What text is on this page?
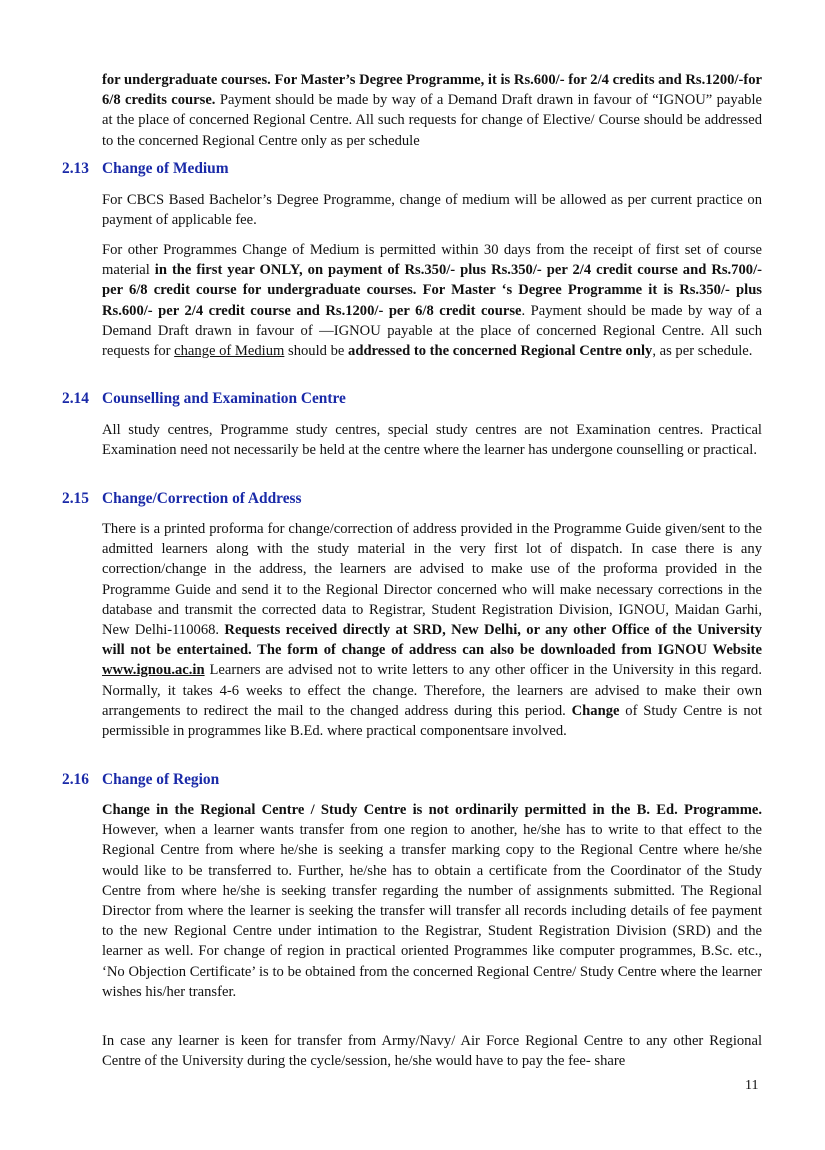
for undergraduate courses. For Master’s Degree Programme, it is Rs.600/- for 2/4 credits and Rs.1200/-for 6/8 credits course. Payment should be made by way of a Demand Draft drawn in favour of “IGNOU” payable at the place of concerned Regional Centre. All such requests for change of Elective/ Course should be addressed to the concerned Regional Centre only as per schedule
2.13 Change of Medium
For CBCS Based Bachelor’s Degree Programme, change of medium will be allowed as per current practice on payment of applicable fee.
For other Programmes Change of Medium is permitted within 30 days from the receipt of first set of course material in the first year ONLY, on payment of Rs.350/- plus Rs.350/- per 2/4 credit course and Rs.700/- per 6/8 credit course for undergraduate courses. For Master ‘s Degree Programme it is Rs.350/- plus Rs.600/- per 2/4 credit course and Rs.1200/- per 6/8 credit course. Payment should be made by way of a Demand Draft drawn in favour of —IGNOU payable at the place of concerned Regional Centre. All such requests for change of Medium should be addressed to the concerned Regional Centre only, as per schedule.
2.14 Counselling and Examination Centre
All study centres, Programme study centres, special study centres are not Examination centres. Practical Examination need not necessarily be held at the centre where the learner has undergone counselling or practical.
2.15 Change/Correction of Address
There is a printed proforma for change/correction of address provided in the Programme Guide given/sent to the admitted learners along with the study material in the very first lot of dispatch. In case there is any correction/change in the address, the learners are advised to make use of the proforma provided in the Programme Guide and send it to the Regional Director concerned who will make necessary corrections in the database and transmit the corrected data to Registrar, Student Registration Division, IGNOU, Maidan Garhi, New Delhi-110068. Requests received directly at SRD, New Delhi, or any other Office of the University will not be entertained. The form of change of address can also be downloaded from IGNOU Website www.ignou.ac.in Learners are advised not to write letters to any other officer in the University in this regard. Normally, it takes 4-6 weeks to effect the change. Therefore, the learners are advised to make their own arrangements to redirect the mail to the changed address during this period. Change of Study Centre is not permissible in programmes like B.Ed. where practical componentsare involved.
2.16 Change of Region
Change in the Regional Centre / Study Centre is not ordinarily permitted in the B. Ed. Programme. However, when a learner wants transfer from one region to another, he/she has to write to that effect to the Regional Centre from where he/she is seeking a transfer marking copy to the Regional Centre where he/she would like to be transferred to. Further, he/she has to obtain a certificate from the Coordinator of the Study Centre from where he/she is seeking transfer regarding the number of assignments submitted. The Regional Director from where the learner is seeking the transfer will transfer all records including details of fee payment to the new Regional Centre under intimation to the Registrar, Student Registration Division (SRD) and the learner as well. For change of region in practical oriented Programmes like computer programmes, B.Sc. etc., ‘No Objection Certificate’ is to be obtained from the concerned Regional Centre/ Study Centre where the learner wishes his/her transfer.
In case any learner is keen for transfer from Army/Navy/ Air Force Regional Centre to any other Regional Centre of the University during the cycle/session, he/she would have to pay the fee- share
11
